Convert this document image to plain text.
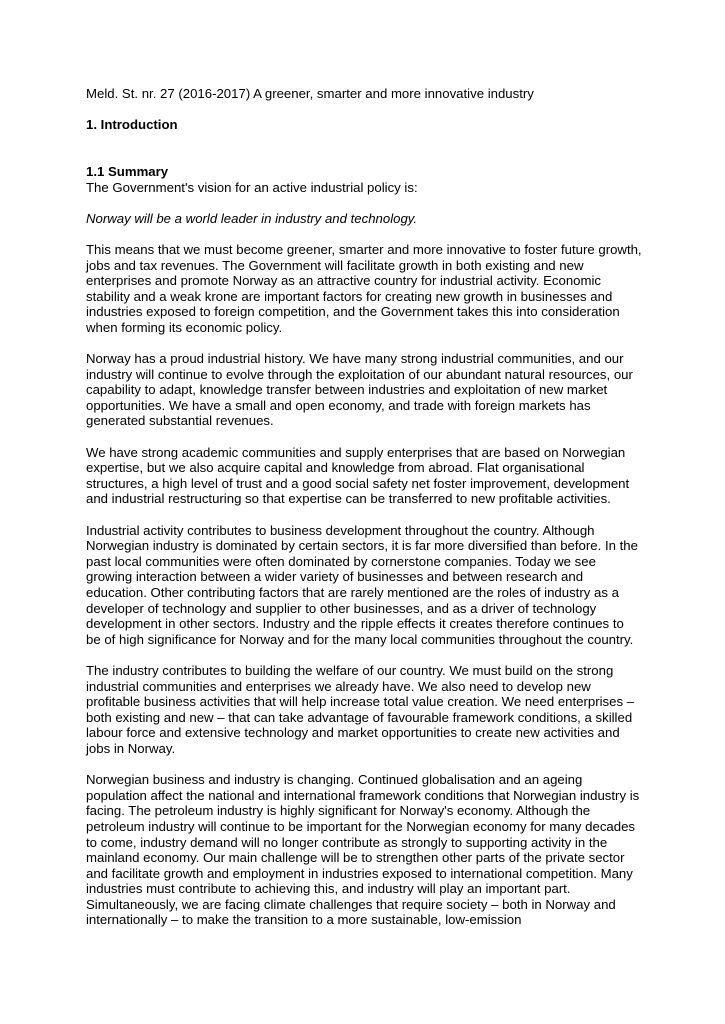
Meld. St. nr. 27 (2016-2017) A greener, smarter and more innovative industry

1. Introduction

1.1 Summary

The Government's vision for an active industrial policy is:

Norway will be a world leader in industry and technology.

This means that we must become greener, smarter and more innovative to foster future growth, jobs and tax revenues. The Government will facilitate growth in both existing and new enterprises and promote Norway as an attractive country for industrial activity. Economic stability and a weak krone are important factors for creating new growth in businesses and industries exposed to foreign competition, and the Government takes this into consideration when forming its economic policy.

Norway has a proud industrial history. We have many strong industrial communities, and our industry will continue to evolve through the exploitation of our abundant natural resources, our capability to adapt, knowledge transfer between industries and exploitation of new market opportunities. We have a small and open economy, and trade with foreign markets has generated substantial revenues.

We have strong academic communities and supply enterprises that are based on Norwegian expertise, but we also acquire capital and knowledge from abroad. Flat organisational structures, a high level of trust and a good social safety net foster improvement, development and industrial restructuring so that expertise can be transferred to new profitable activities.

Industrial activity contributes to business development throughout the country. Although Norwegian industry is dominated by certain sectors, it is far more diversified than before. In the past local communities were often dominated by cornerstone companies. Today we see growing interaction between a wider variety of businesses and between research and education. Other contributing factors that are rarely mentioned are the roles of industry as a developer of technology and supplier to other businesses, and as a driver of technology development in other sectors. Industry and the ripple effects it creates therefore continues to be of high significance for Norway and for the many local communities throughout the country.

The industry contributes to building the welfare of our country. We must build on the strong industrial communities and enterprises we already have. We also need to develop new profitable business activities that will help increase total value creation. We need enterprises – both existing and new – that can take advantage of favourable framework conditions, a skilled labour force and extensive technology and market opportunities to create new activities and jobs in Norway.

Norwegian business and industry is changing. Continued globalisation and an ageing population affect the national and international framework conditions that Norwegian industry is facing. The petroleum industry is highly significant for Norway's economy. Although the petroleum industry will continue to be important for the Norwegian economy for many decades to come, industry demand will no longer contribute as strongly to supporting activity in the mainland economy. Our main challenge will be to strengthen other parts of the private sector and facilitate growth and employment in industries exposed to international competition. Many industries must contribute to achieving this, and industry will play an important part. Simultaneously, we are facing climate challenges that require society – both in Norway and internationally – to make the transition to a more sustainable, low-emission
